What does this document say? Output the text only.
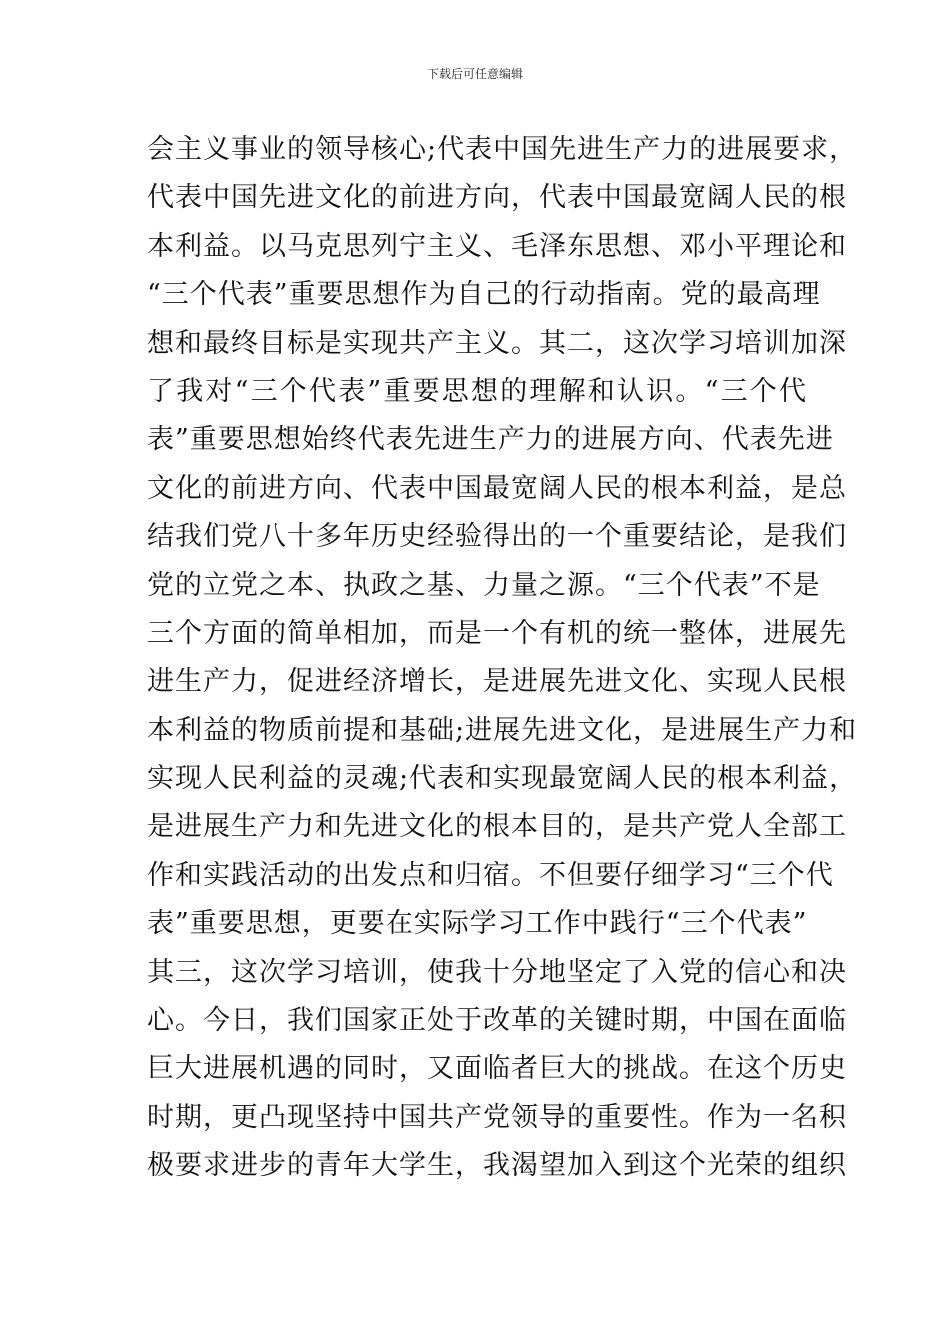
下载后可任意编辑
会主义事业的领导核心;代表中国先进生产力的进展要求，
代表中国先进文化的前进方向，代表中国最宽阔人民的根
本利益。以马克思列宁主义、毛泽东思想、邓小平理论和
“三个代表”重要思想作为自己的行动指南。党的最高理
想和最终目标是实现共产主义。其二，这次学习培训加深
了我对“三个代表”重要思想的理解和认识。“三个代
表”重要思想始终代表先进生产力的进展方向、代表先进
文化的前进方向、代表中国最宽阔人民的根本利益，是总
结我们党八十多年历史经验得出的一个重要结论，是我们
党的立党之本、执政之基、力量之源。“三个代表”不是
三个方面的简单相加，而是一个有机的统一整体，进展先
进生产力，促进经济增长，是进展先进文化、实现人民根
本利益的物质前提和基础;进展先进文化，是进展生产力和
实现人民利益的灵魂;代表和实现最宽阔人民的根本利益，
是进展生产力和先进文化的根本目的，是共产党人全部工
作和实践活动的出发点和归宿。不但要仔细学习“三个代
表”重要思想，更要在实际学习工作中践行“三个代表”
其三，这次学习培训，使我十分地坚定了入党的信心和决
心。今日，我们国家正处于改革的关键时期，中国在面临
巨大进展机遇的同时，又面临者巨大的挑战。在这个历史
时期，更凸现坚持中国共产党领导的重要性。作为一名积
极要求进步的青年大学生，我渴望加入到这个光荣的组织
